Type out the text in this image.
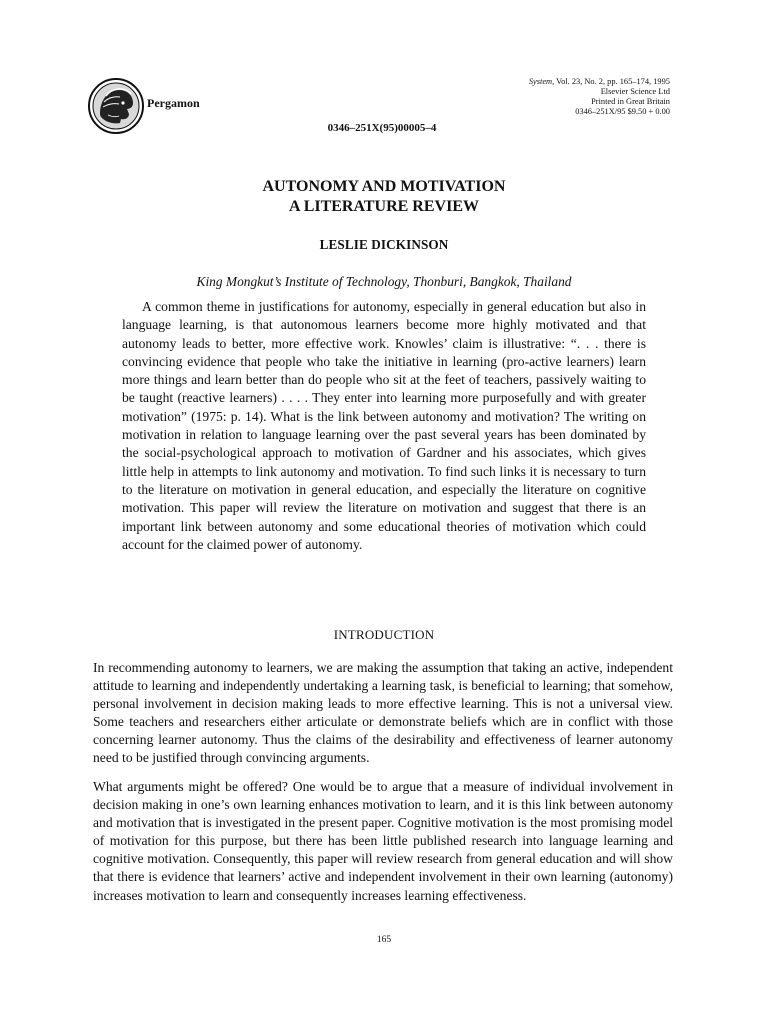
Pergamon
System, Vol. 23, No. 2, pp. 165–174, 1995
Elsevier Science Ltd
Printed in Great Britain
0346–251X/95 $9.50 + 0.00
0346–251X(95)00005–4
AUTONOMY AND MOTIVATION
A LITERATURE REVIEW
LESLIE DICKINSON
King Mongkut’s Institute of Technology, Thonburi, Bangkok, Thailand

A common theme in justifications for autonomy, especially in general education but also in language learning, is that autonomous learners become more highly motivated and that autonomy leads to better, more effective work. Knowles’ claim is illustrative: “. . . there is convincing evidence that people who take the initiative in learning (pro-active learners) learn more things and learn better than do people who sit at the feet of teachers, passively waiting to be taught (reactive learners) . . . . They enter into learning more purposefully and with greater motivation” (1975: p. 14). What is the link between autonomy and motivation? The writing on motivation in relation to language learning over the past several years has been dominated by the social-psychological approach to motivation of Gardner and his associates, which gives little help in attempts to link autonomy and motivation. To find such links it is necessary to turn to the literature on motivation in general education, and especially the literature on cognitive motivation. This paper will review the literature on motivation and suggest that there is an important link between autonomy and some educational theories of motivation which could account for the claimed power of autonomy.

INTRODUCTION

In recommending autonomy to learners, we are making the assumption that taking an active, independent attitude to learning and independently undertaking a learning task, is beneficial to learning; that somehow, personal involvement in decision making leads to more effective learning. This is not a universal view. Some teachers and researchers either articulate or demonstrate beliefs which are in conflict with those concerning learner autonomy. Thus the claims of the desirability and effectiveness of learner autonomy need to be justified through convincing arguments.

What arguments might be offered? One would be to argue that a measure of individual involvement in decision making in one’s own learning enhances motivation to learn, and it is this link between autonomy and motivation that is investigated in the present paper. Cognitive motivation is the most promising model of motivation for this purpose, but there has been little published research into language learning and cognitive motivation. Consequently, this paper will review research from general education and will show that there is evidence that learners’ active and independent involvement in their own learning (autonomy) increases motivation to learn and consequently increases learning effectiveness.

165
